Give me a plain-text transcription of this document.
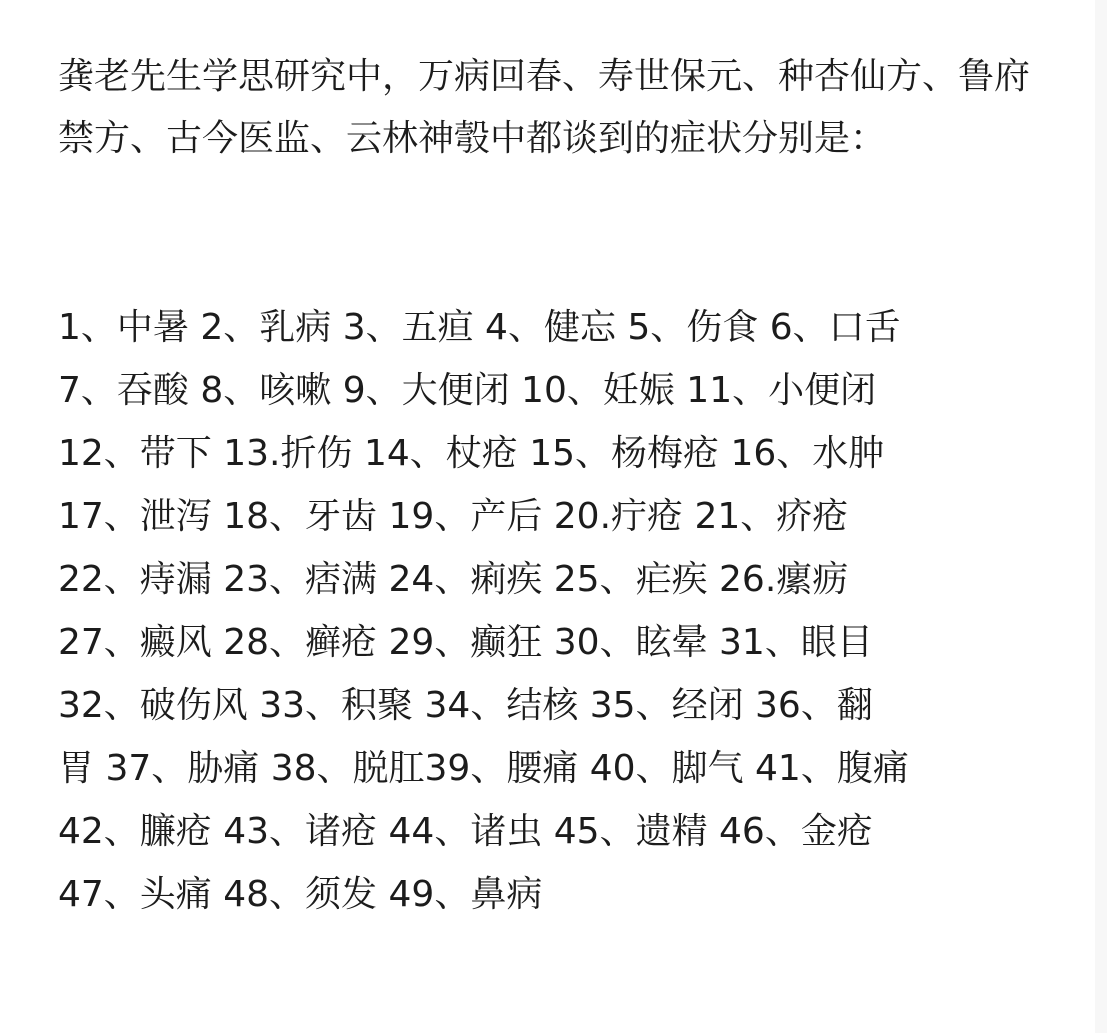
龚老先生学思研究中，万病回春、寿世保元、种杏仙方、鲁府禁方、古今医监、云林神彀中都谈到的症状分别是：

1、中暑 2、乳病 3、五疸 4、健忘 5、伤食 6、口舌
7、吞酸 8、咳嗽 9、大便闭 10、妊娠 11、小便闭
12、带下 13.折伤 14、杖疮 15、杨梅疮 16、水肿
17、泄泻 18、牙齿 19、产后 20.疔疮 21、疥疮
22、痔漏 23、痞满 24、痢疾 25、疟疾 26.瘰疬
27、癜风 28、癣疮 29、癫狂 30、眩晕 31、眼目
32、破伤风 33、积聚 34、结核 35、经闭 36、翻
胃 37、胁痛 38、脱肛39、腰痛 40、脚气 41、腹痛
42、臁疮 43、诸疮 44、诸虫 45、遗精 46、金疮
47、头痛 48、须发 49、鼻病
